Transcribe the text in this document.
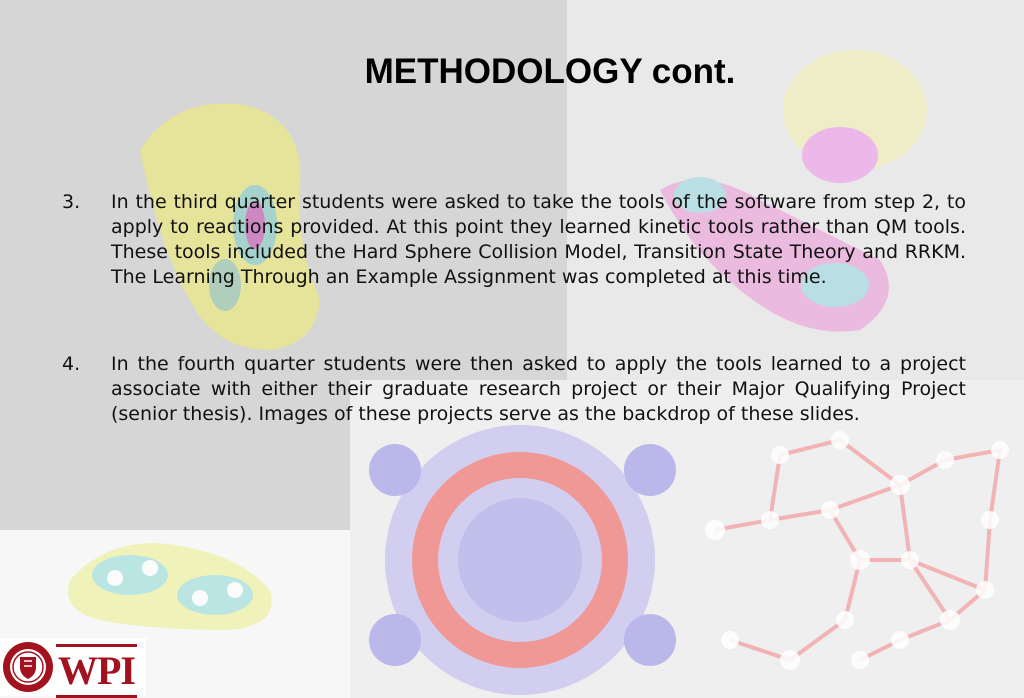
METHODOLOGY cont.
3. In the third quarter students were asked to take the tools of the software from step 2, to apply to reactions provided. At this point they learned kinetic tools rather than QM tools. These tools included the Hard Sphere Collision Model, Transition State Theory and RRKM. The Learning Through an Example Assignment was completed at this time.

4. In the fourth quarter students were then asked to apply the tools learned to a project associate with either their graduate research project or their Major Qualifying Project (senior thesis). Images of these projects serve as the backdrop of these slides.

WPI
